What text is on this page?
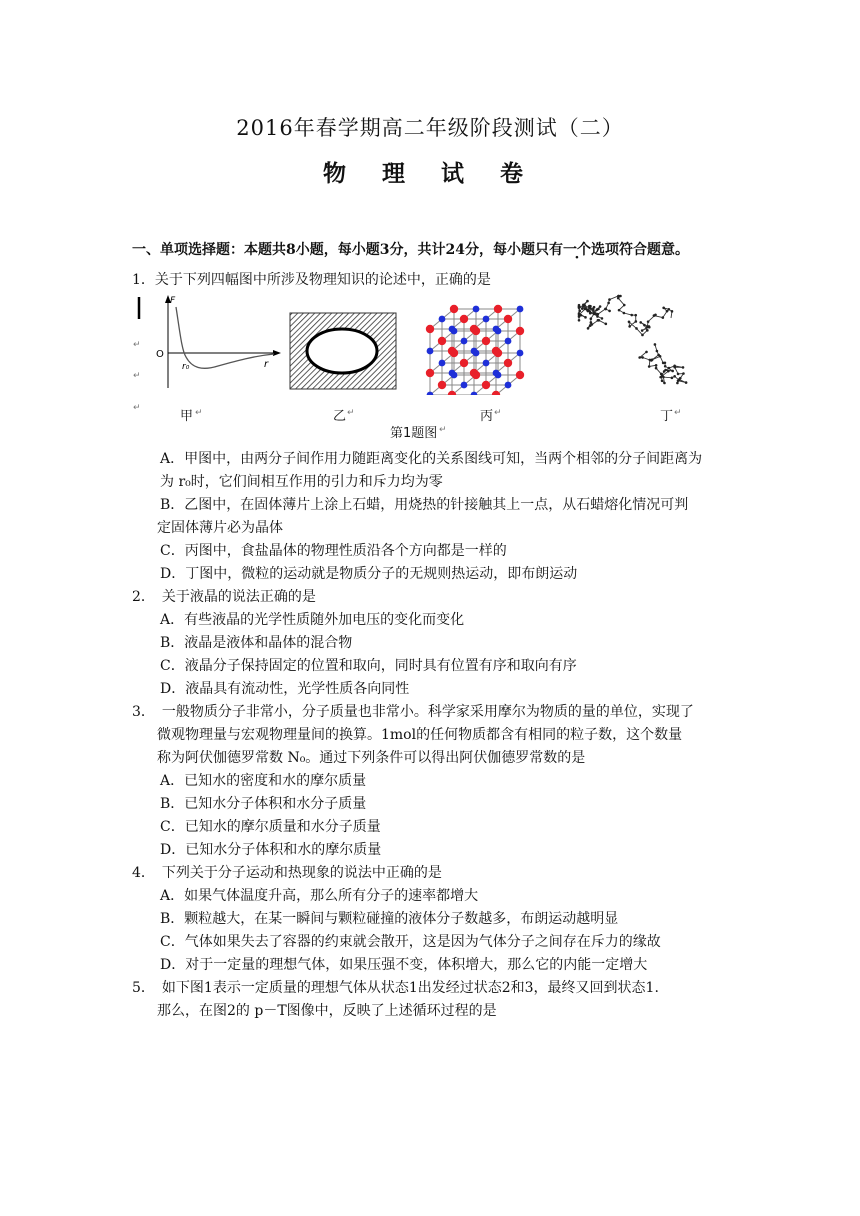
2016年春学期高二年级阶段测试（二）
物 理 试 卷
一、单项选择题：本题共8小题，每小题3分，共计24分，每小题只有一个选项符合题意。
1．关于下列四幅图中所涉及物理知识的论述中，正确的是
↵
↵
↵
O
F
r₀	r
甲 ↵	乙 ↵	丙 ↵	丁 ↵
第1题图 ↵
A．甲图中，由两分子间作用力随距离变化的关系图线可知，当两个相邻的分子间距离为
为 r₀时，它们间相互作用的引力和斥力均为零
B．乙图中，在固体薄片上涂上石蜡，用烧热的针接触其上一点，从石蜡熔化情况可判
定固体薄片必为晶体
C．丙图中，食盐晶体的物理性质沿各个方向都是一样的
D．丁图中，微粒的运动就是物质分子的无规则热运动，即布朗运动
2．　关于液晶的说法正确的是
A．有些液晶的光学性质随外加电压的变化而变化
B．液晶是液体和晶体的混合物
C．液晶分子保持固定的位置和取向，同时具有位置有序和取向有序
D．液晶具有流动性，光学性质各向同性
3．　一般物质分子非常小，分子质量也非常小。科学家采用摩尔为物质的量的单位，实现了
微观物理量与宏观物理量间的换算。1mol的任何物质都含有相同的粒子数，这个数量
称为阿伏伽德罗常数 N₀。通过下列条件可以得出阿伏伽德罗常数的是
A．已知水的密度和水的摩尔质量
B．已知水分子体积和水分子质量
C．已知水的摩尔质量和水分子质量
D．已知水分子体积和水的摩尔质量
4．　下列关于分子运动和热现象的说法中正确的是
A．如果气体温度升高，那么所有分子的速率都增大
B．颗粒越大，在某一瞬间与颗粒碰撞的液体分子数越多，布朗运动越明显
C．气体如果失去了容器的约束就会散开，这是因为气体分子之间存在斥力的缘故
D．对于一定量的理想气体，如果压强不变，体积增大，那么它的内能一定增大
5．　如下图1表示一定质量的理想气体从状态1出发经过状态2和3，最终又回到状态1.
那么，在图2的 p－T图像中，反映了上述循环过程的是
